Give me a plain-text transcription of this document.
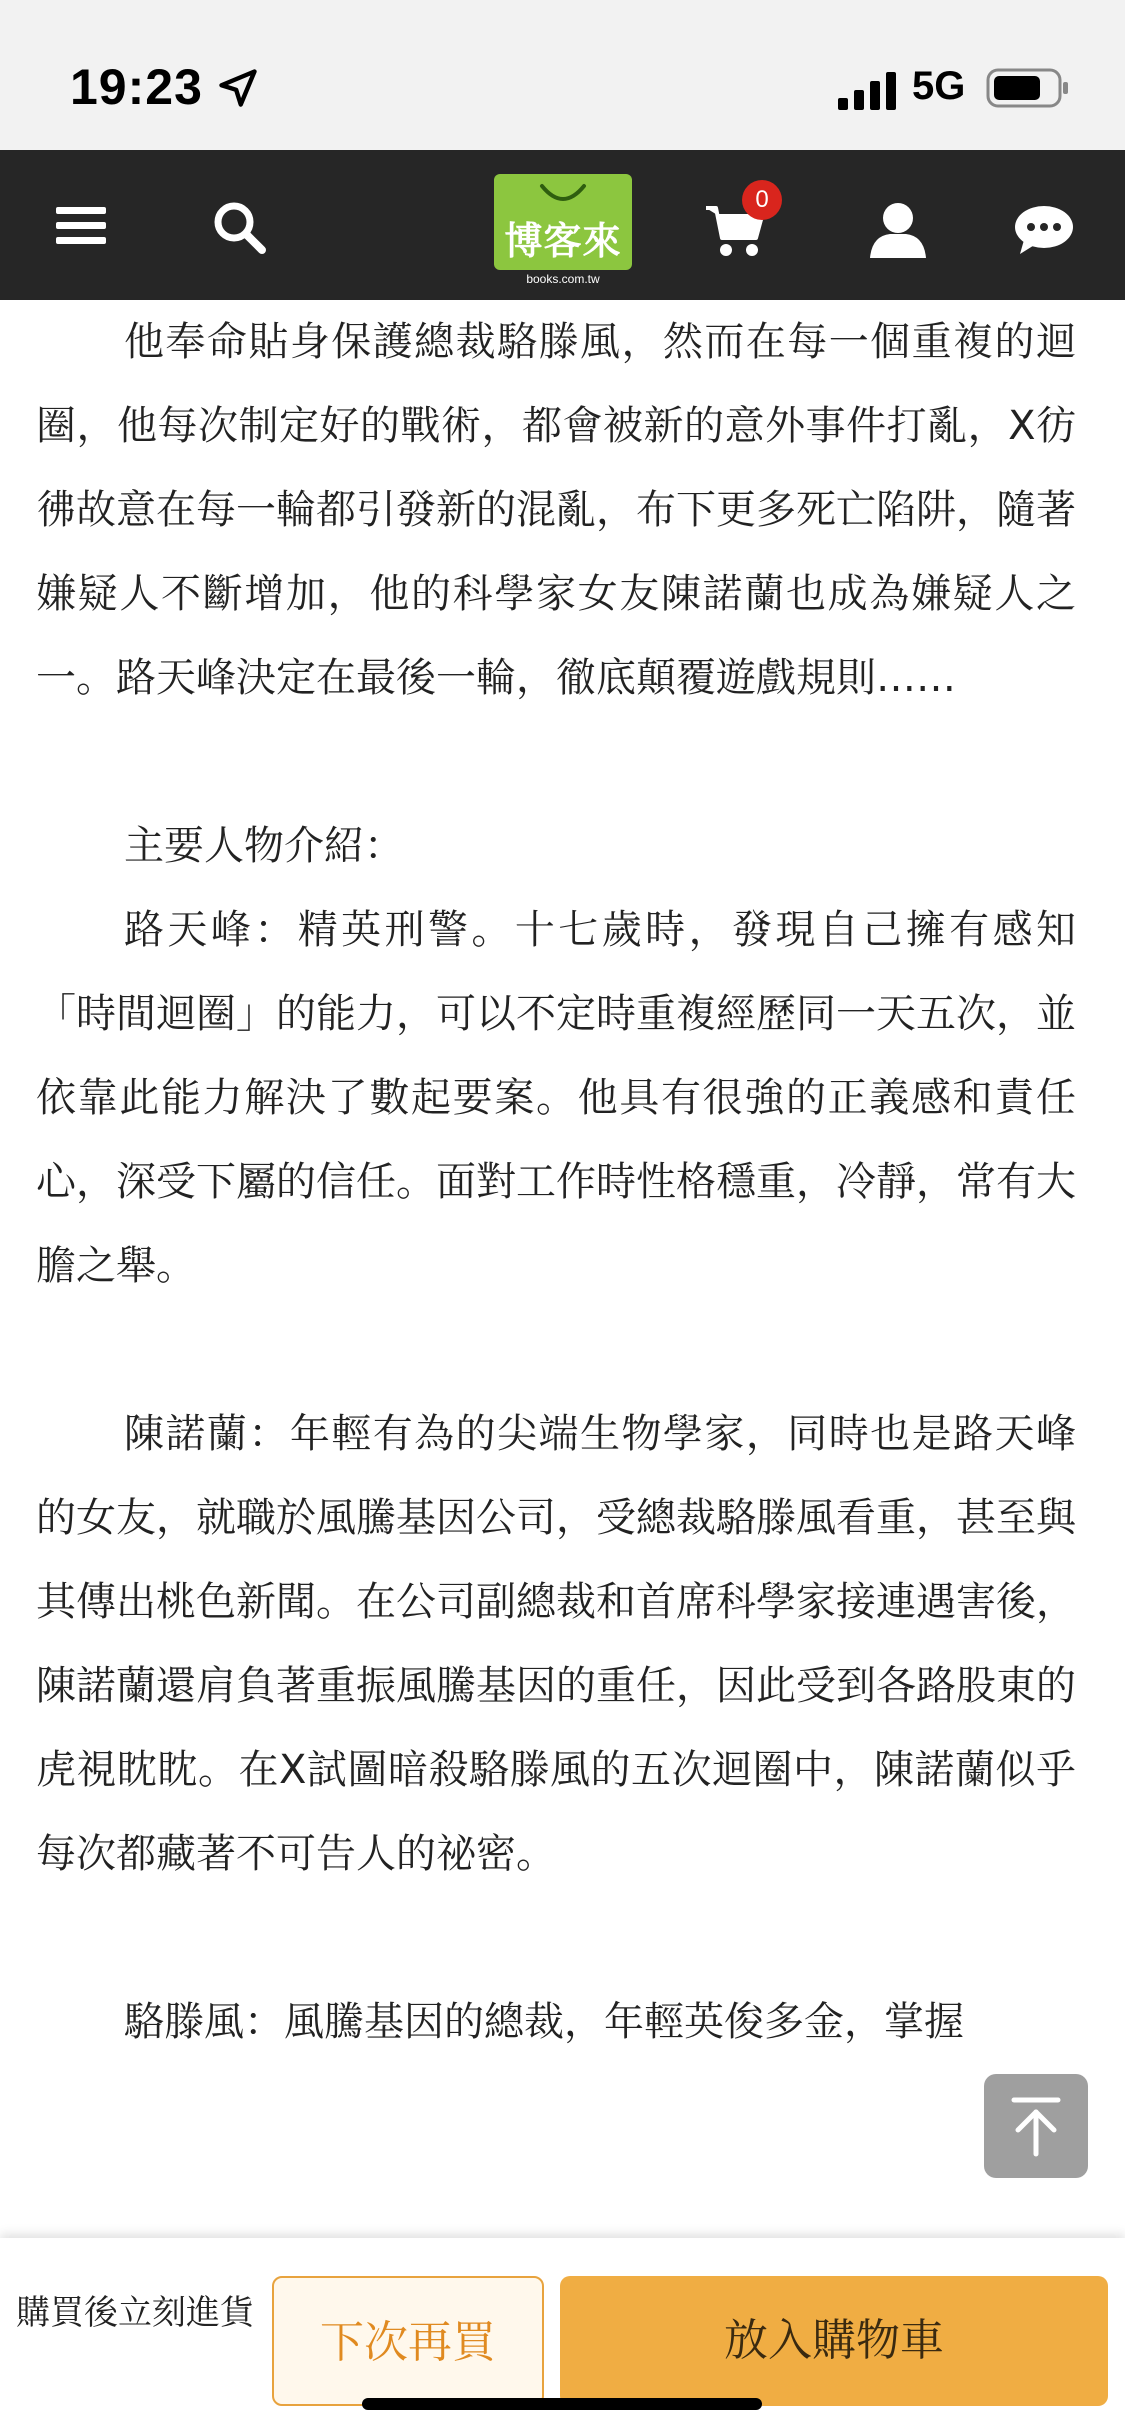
19:23	5G
博客來
books.com.tw
0

他奉命貼身保護總裁駱滕風，然而在每一個重複的迴圈，他每次制定好的戰術，都會被新的意外事件打亂，X彷彿故意在每一輪都引發新的混亂，布下更多死亡陷阱，隨著嫌疑人不斷增加，他的科學家女友陳諾蘭也成為嫌疑人之一。路天峰決定在最後一輪，徹底顛覆遊戲規則……

主要人物介紹：

路天峰：精英刑警。十七歲時，發現自己擁有感知「時間迴圈」的能力，可以不定時重複經歷同一天五次，並依靠此能力解決了數起要案。他具有很強的正義感和責任心，深受下屬的信任。面對工作時性格穩重，冷靜，常有大膽之舉。

陳諾蘭：年輕有為的尖端生物學家，同時也是路天峰的女友，就職於風騰基因公司，受總裁駱滕風看重，甚至與其傳出桃色新聞。在公司副總裁和首席科學家接連遇害後，陳諾蘭還肩負著重振風騰基因的重任，因此受到各路股東的虎視眈眈。在X試圖暗殺駱滕風的五次迴圈中，陳諾蘭似乎每次都藏著不可告人的祕密。

駱滕風：風騰基因的總裁，年輕英俊多金，掌握

購買後立刻進貨
下次再買	放入購物車
